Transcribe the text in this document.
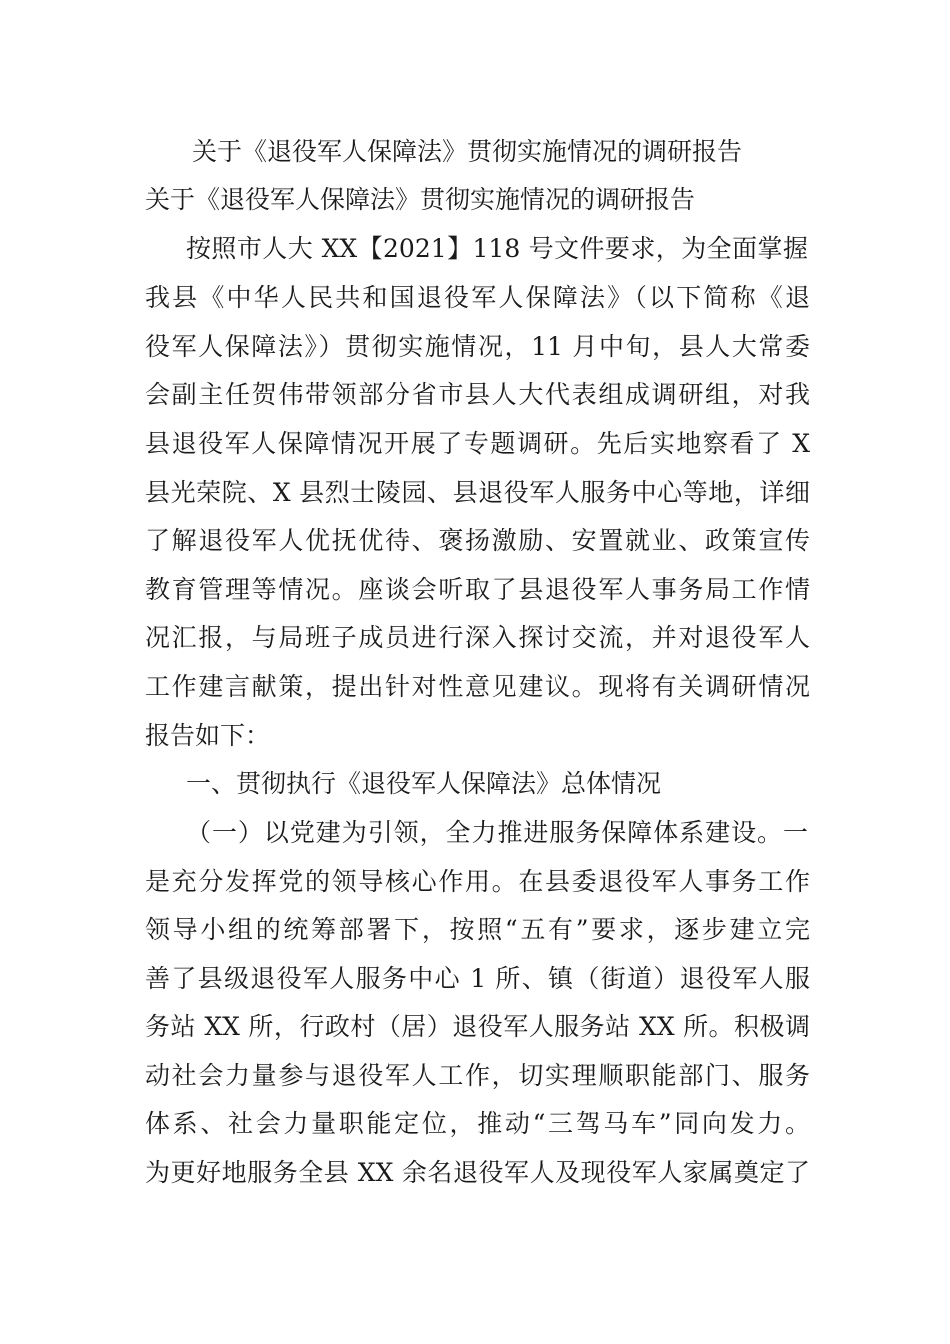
关于《退役军人保障法》贯彻实施情况的调研报告
关于《退役军人保障法》贯彻实施情况的调研报告
按照市人大 XX【2021】118 号文件要求，为全面掌握
我县《中华人民共和国退役军人保障法》（以下简称《退
役军人保障法》）贯彻实施情况，11 月中旬，县人大常委
会副主任贺伟带领部分省市县人大代表组成调研组，对我
县退役军人保障情况开展了专题调研。先后实地察看了 X
县光荣院、X 县烈士陵园、县退役军人服务中心等地，详细
了解退役军人优抚优待、褒扬激励、安置就业、政策宣传
教育管理等情况。座谈会听取了县退役军人事务局工作情
况汇报，与局班子成员进行深入探讨交流，并对退役军人
工作建言献策，提出针对性意见建议。现将有关调研情况
报告如下：
一、贯彻执行《退役军人保障法》总体情况
（一）以党建为引领，全力推进服务保障体系建设。一
是充分发挥党的领导核心作用。在县委退役军人事务工作
领导小组的统筹部署下，按照“五有”要求，逐步建立完
善了县级退役军人服务中心 1 所、镇（街道）退役军人服
务站 XX 所，行政村（居）退役军人服务站 XX 所。积极调
动社会力量参与退役军人工作，切实理顺职能部门、服务
体系、社会力量职能定位，推动“三驾马车”同向发力。
为更好地服务全县 XX 余名退役军人及现役军人家属奠定了
